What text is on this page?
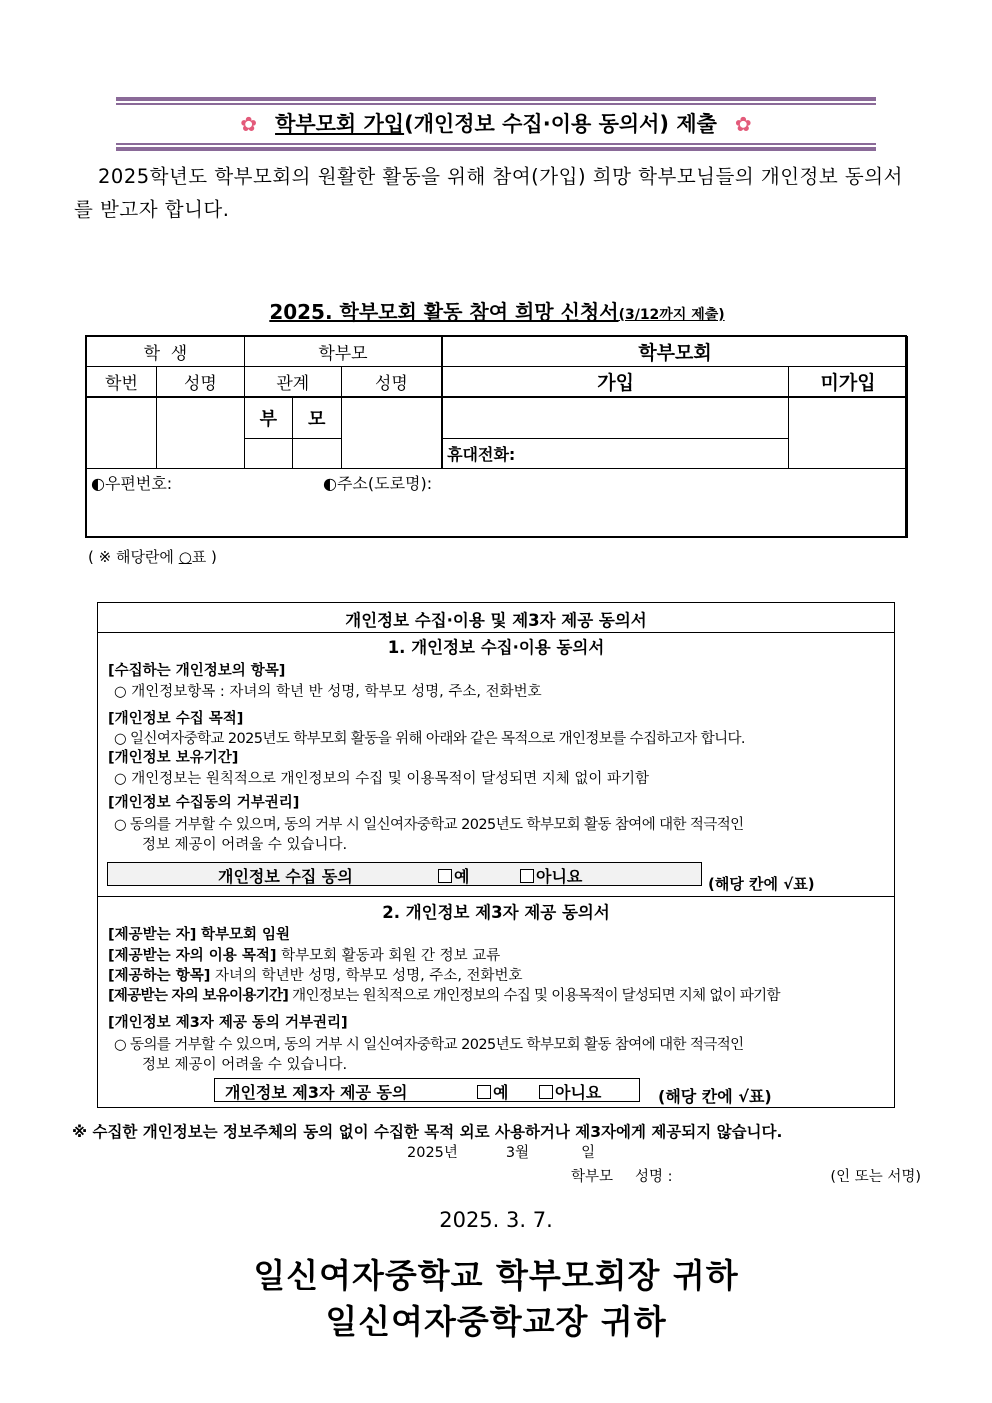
✿ 학부모회 가입(개인정보 수집·이용 동의서) 제출 ✿
2025학년도 학부모회의 원활한 활동을 위해 참여(가입) 희망 학부모님들의 개인정보 동의서를 받고자 합니다.
2025. 학부모회 활동 참여 희망 신청서(3/12까지 제출)
학  생		학부모			학부모회	
학번	성명	관계		성명	가입	미가입
		부	모			
					휴대전화:	

◐우편번호: ◐주소(도로명):						
( ※ 해당란에 ○표 )
개인정보 수집·이용 및 제3자 제공 동의서
1. 개인정보 수집·이용 동의서
[수집하는 개인정보의 항목]
○ 개인정보항목 : 자녀의 학년 반 성명, 학부모 성명, 주소, 전화번호
[개인정보 수집 목적]
○ 일신여자중학교 2025년도 학부모회 활동을 위해 아래와 같은 목적으로 개인정보를 수집하고자 합니다.
[개인정보 보유기간]
○ 개인정보는 원칙적으로 개인정보의 수집 및 이용목적이 달성되면 지체 없이 파기함
[개인정보 수집동의 거부권리]
○ 동의를 거부할 수 있으며, 동의 거부 시 일신여자중학교 2025년도 학부모회 활동 참여에 대한 적극적인
정보 제공이 어려울 수 있습니다.
개인정보 수집 동의	예	아니요	(해당 칸에 √표)
2. 개인정보 제3자 제공 동의서
[제공받는 자] 학부모회 임원
[제공받는 자의 이용 목적] 학부모회 활동과 회원 간 정보 교류
[제공하는 항목] 자녀의 학년반 성명, 학부모 성명, 주소, 전화번호
[제공받는 자의 보유이용기간] 개인정보는 원칙적으로 개인정보의 수집 및 이용목적이 달성되면 지체 없이 파기함
[개인정보 제3자 제공 동의 거부권리]
○ 동의를 거부할 수 있으며, 동의 거부 시 일신여자중학교 2025년도 학부모회 활동 참여에 대한 적극적인
정보 제공이 어려울 수 있습니다.
개인정보 제3자 제공 동의	예	아니요	(해당 칸에 √표)
※ 수집한 개인정보는 정보주체의 동의 없이 수집한 목적 외로 사용하거나 제3자에게 제공되지 않습니다.
2025년	3월	일
학부모 성명 :	(인 또는 서명)
2025. 3. 7.
일신여자중학교 학부모회장 귀하
일신여자중학교장 귀하
